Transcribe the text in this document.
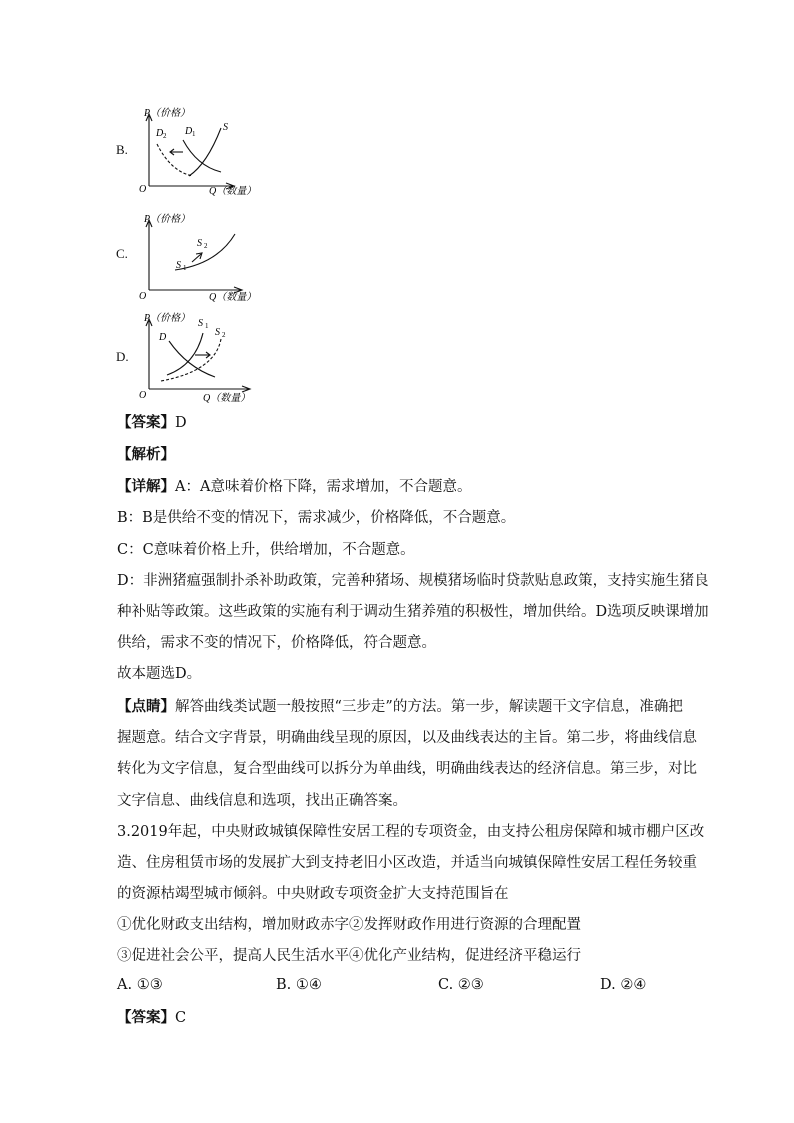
B.
P（价格）
O	Q（数量）
D 2 D 1
S
C.
P（价格）
O	Q（数量）
S 2
S 1
D.
P（价格）
O	Q（数量）
S 1
S 2
D
【答案】D
【解析】
【详解】A：A意味着价格下降，需求增加，不合题意。
B：B是供给不变的情况下，需求减少，价格降低，不合题意。
C：C意味着价格上升，供给增加，不合题意。
D：非洲猪瘟强制扑杀补助政策，完善种猪场、规模猪场临时贷款贴息政策，支持实施生猪良
种补贴等政策。这些政策的实施有利于调动生猪养殖的积极性，增加供给。D选项反映课增加
供给，需求不变的情况下，价格降低，符合题意。
故本题选D。
【点睛】解答曲线类试题一般按照“三步走”的方法。第一步，解读题干文字信息，准确把
握题意。结合文字背景，明确曲线呈现的原因，以及曲线表达的主旨。第二步，将曲线信息
转化为文字信息，复合型曲线可以拆分为单曲线，明确曲线表达的经济信息。第三步，对比
文字信息、曲线信息和选项，找出正确答案。
3.2019年起，中央财政城镇保障性安居工程的专项资金，由支持公租房保障和城市棚户区改
造、住房租赁市场的发展扩大到支持老旧小区改造，并适当向城镇保障性安居工程任务较重
的资源枯竭型城市倾斜。中央财政专项资金扩大支持范围旨在
①优化财政支出结构，增加财政赤字②发挥财政作用进行资源的合理配置
③促进社会公平，提高人民生活水平④优化产业结构，促进经济平稳运行
A. ①③	B. ①④	C. ②③	D. ②④
【答案】C
